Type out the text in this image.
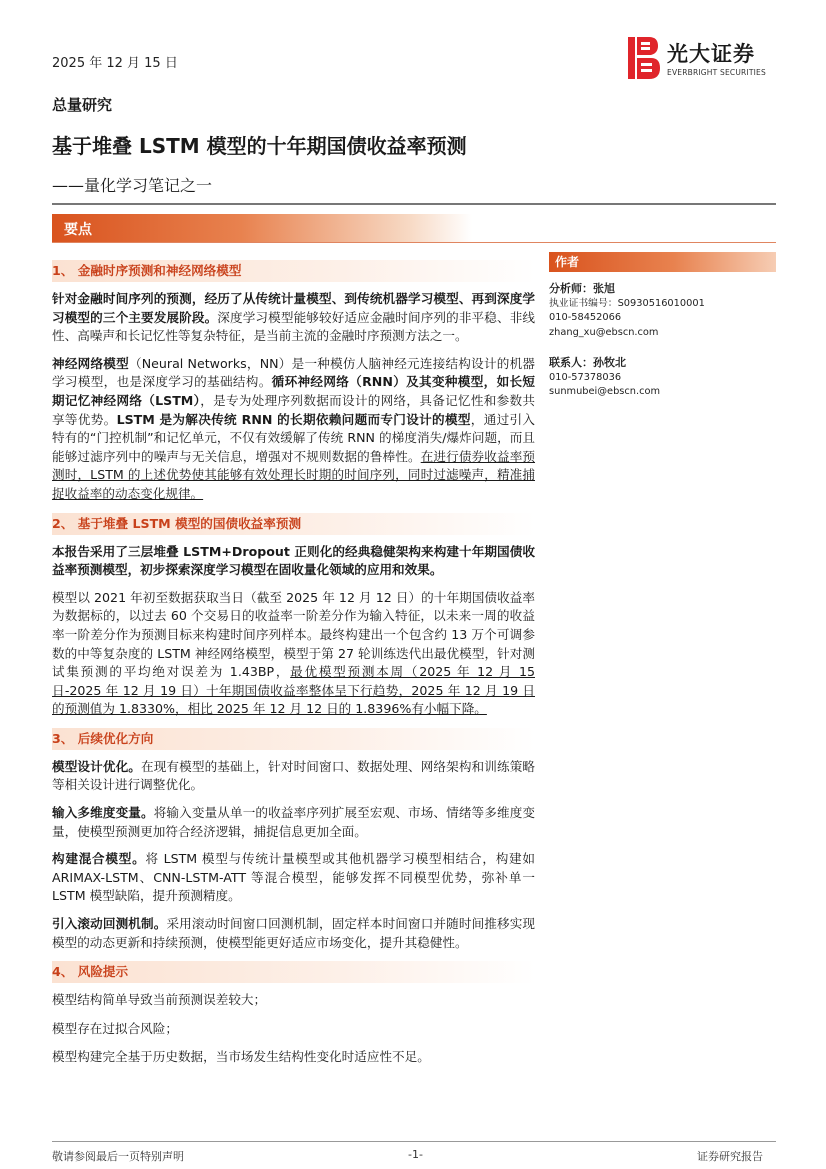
2025 年 12 月 15 日	光大证券
EVERBRIGHT SECURITIES
总量研究
基于堆叠 LSTM 模型的十年期国债收益率预测
——量化学习笔记之一
要点
1、 金融时序预测和神经网络模型

针对金融时间序列的预测，经历了从传统计量模型、到传统机器学习模型、再到深度学习模型的三个主要发展阶段。深度学习模型能够较好适应金融时间序列的非平稳、非线性、高噪声和长记忆性等复杂特征，是当前主流的金融时序预测方法之一。

神经网络模型（Neural Networks，NN）是一种模仿人脑神经元连接结构设计的机器学习模型，也是深度学习的基础结构。循环神经网络（RNN）及其变种模型，如长短期记忆神经网络（LSTM），是专为处理序列数据而设计的网络，具备记忆性和参数共享等优势。LSTM 是为解决传统 RNN 的长期依赖问题而专门设计的模型，通过引入特有的“门控机制”和记忆单元，不仅有效缓解了传统 RNN 的梯度消失/爆炸问题，而且能够过滤序列中的噪声与无关信息，增强对不规则数据的鲁棒性。在进行债券收益率预测时，LSTM 的上述优势使其能够有效处理长时期的时间序列，同时过滤噪声，精准捕捉收益率的动态变化规律。

2、 基于堆叠 LSTM 模型的国债收益率预测

本报告采用了三层堆叠 LSTM+Dropout 正则化的经典稳健架构来构建十年期国债收益率预测模型，初步探索深度学习模型在固收量化领域的应用和效果。

模型以 2021 年初至数据获取当日（截至 2025 年 12 月 12 日）的十年期国债收益率为数据标的，以过去 60 个交易日的收益率一阶差分作为输入特征，以未来一周的收益率一阶差分作为预测目标来构建时间序列样本。最终构建出一个包含约 13 万个可调参数的中等复杂度的 LSTM 神经网络模型，模型于第 27 轮训练迭代出最优模型，针对测试集预测的平均绝对误差为 1.43BP，最优模型预测本周（2025 年 12 月 15 日-2025 年 12 月 19 日）十年期国债收益率整体呈下行趋势，2025 年 12 月 19 日的预测值为 1.8330%，相比 2025 年 12 月 12 日的 1.8396%有小幅下降。

3、 后续优化方向

模型设计优化。在现有模型的基础上，针对时间窗口、数据处理、网络架构和训练策略等相关设计进行调整优化。

输入多维度变量。将输入变量从单一的收益率序列扩展至宏观、市场、情绪等多维度变量，使模型预测更加符合经济逻辑，捕捉信息更加全面。

构建混合模型。将 LSTM 模型与传统计量模型或其他机器学习模型相结合，构建如 ARIMAX-LSTM、CNN-LSTM-ATT 等混合模型，能够发挥不同模型优势，弥补单一 LSTM 模型缺陷，提升预测精度。

引入滚动回测机制。采用滚动时间窗口回测机制，固定样本时间窗口并随时间推移实现模型的动态更新和持续预测，使模型能更好适应市场变化，提升其稳健性。

4、 风险提示

模型结构简单导致当前预测误差较大；

模型存在过拟合风险；

模型构建完全基于历史数据，当市场发生结构性变化时适应性不足。

作者
分析师：张旭
执业证书编号：S0930516010001
010-58452066
zhang_xu@ebscn.com
联系人：孙牧北
010-57378036
sunmubei@ebscn.com
敬请参阅最后一页特别声明	-1-	证券研究报告
